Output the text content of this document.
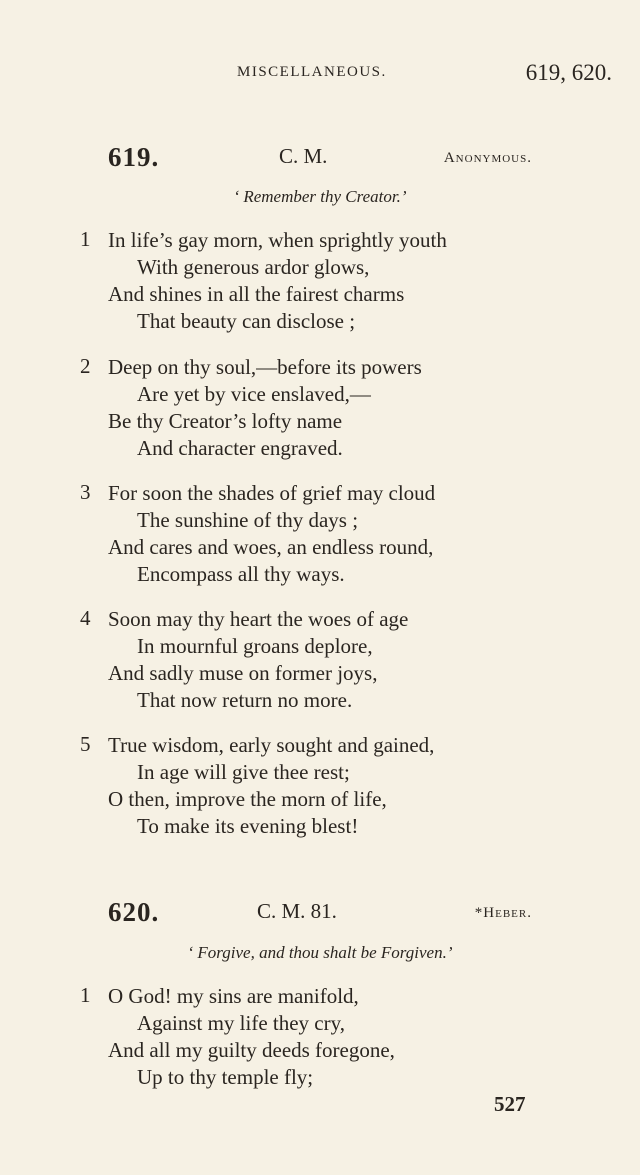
MISCELLANEOUS.	619, 620.
619.	C. M.	Anonymous.
‘ Remember thy Creator.’
1 In life’s gay morn, when sprightly youth
With generous ardor glows,
And shines in all the fairest charms
That beauty can disclose ;
2 Deep on thy soul,—before its powers
Are yet by vice enslaved,—
Be thy Creator’s lofty name
And character engraved.
3 For soon the shades of grief may cloud
The sunshine of thy days ;
And cares and woes, an endless round,
Encompass all thy ways.
4 Soon may thy heart the woes of age
In mournful groans deplore,
And sadly muse on former joys,
That now return no more.
5 True wisdom, early sought and gained,
In age will give thee rest;
O then, improve the morn of life,
To make its evening blest!
620.	C. M. 81.	*Heber.
‘ Forgive, and thou shalt be Forgiven.’
1 O God! my sins are manifold,
Against my life they cry,
And all my guilty deeds foregone,
Up to thy temple fly;
527
